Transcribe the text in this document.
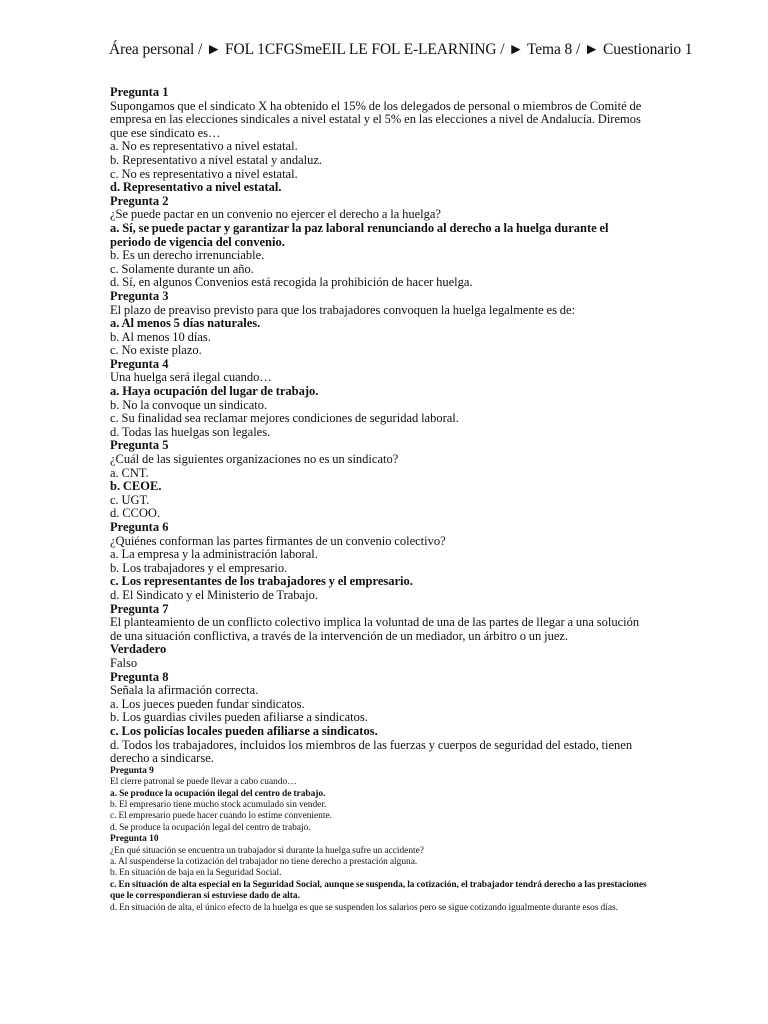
Área personal / ► FOL 1CFGSmeEIL LE FOL E-LEARNING / ► Tema 8 / ► Cuestionario 1
Pregunta 1
Supongamos que el sindicato X ha obtenido el 15% de los delegados de personal o miembros de Comité de empresa en las elecciones sindicales a nivel estatal y el 5% en las elecciones a nivel de Andalucía. Diremos que ese sindicato es…
a. No es representativo a nivel estatal.
b. Representativo a nivel estatal y andaluz.
c. No es representativo a nivel estatal.
d. Representativo a nivel estatal.
Pregunta 2
¿Se puede pactar en un convenio no ejercer el derecho a la huelga?
a. Sí, se puede pactar y garantizar la paz laboral renunciando al derecho a la huelga durante el periodo de vigencia del convenio.
b. Es un derecho irrenunciable.
c. Solamente durante un año.
d. Sí, en algunos Convenios está recogida la prohibición de hacer huelga.
Pregunta 3
El plazo de preaviso previsto para que los trabajadores convoquen la huelga legalmente es de:
a. Al menos 5 días naturales.
b. Al menos 10 días.
c. No existe plazo.
Pregunta 4
Una huelga será ilegal cuando…
a. Haya ocupación del lugar de trabajo.
b. No la convoque un sindicato.
c. Su finalidad sea reclamar mejores condiciones de seguridad laboral.
d. Todas las huelgas son legales.
Pregunta 5
¿Cuál de las siguientes organizaciones no es un sindicato?
a. CNT.
b. CEOE.
c. UGT.
d. CCOO.
Pregunta 6
¿Quiénes conforman las partes firmantes de un convenio colectivo?
a. La empresa y la administración laboral.
b. Los trabajadores y el empresario.
c. Los representantes de los trabajadores y el empresario.
d. El Sindicato y el Ministerio de Trabajo.
Pregunta 7
El planteamiento de un conflicto colectivo implica la voluntad de una de las partes de llegar a una solución de una situación conflictiva, a través de la intervención de un mediador, un árbitro o un juez.
Verdadero
Falso
Pregunta 8
Señala la afirmación correcta.
a. Los jueces pueden fundar sindicatos.
b. Los guardias civiles pueden afiliarse a sindicatos.
c. Los policías locales pueden afiliarse a sindicatos.
d. Todos los trabajadores, incluidos los miembros de las fuerzas y cuerpos de seguridad del estado, tienen derecho a sindicarse.
Pregunta 9
El cierre patronal se puede llevar a cabo cuando…
a. Se produce la ocupación ilegal del centro de trabajo.
b. El empresario tiene mucho stock acumulado sin vender.
c. El empresario puede hacer cuando lo estime conveniente.
d. Se produce la ocupación legal del centro de trabajo.
Pregunta 10
¿En qué situación se encuentra un trabajador si durante la huelga sufre un accidente?
a. Al suspenderse la cotización del trabajador no tiene derecho a prestación alguna.
b. En situación de baja en la Seguridad Social.
c. En situación de alta especial en la Seguridad Social, aunque se suspenda, la cotización, el trabajador tendrá derecho a las prestaciones que le correspondieran si estuviese dado de alta.
d. En situación de alta, el único efecto de la huelga es que se suspenden los salarios pero se sigue cotizando igualmente durante esos días.
